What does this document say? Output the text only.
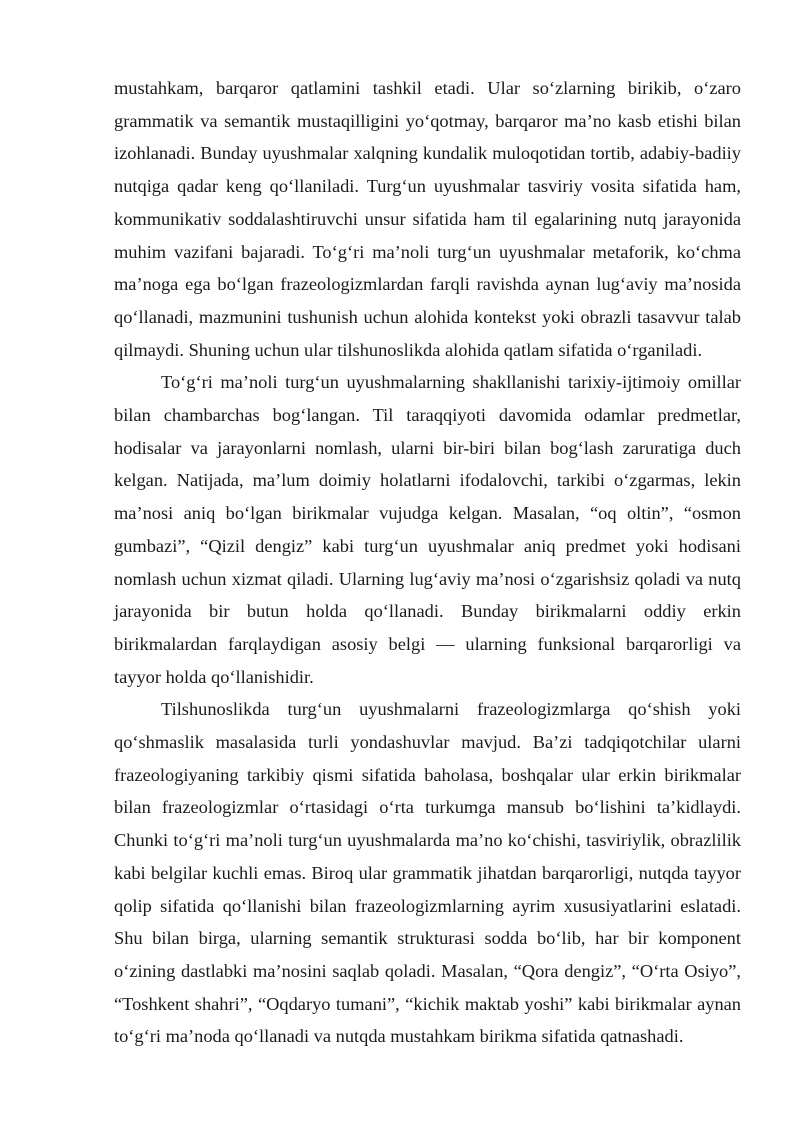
mustahkam, barqaror qatlamini tashkil etadi. Ular so‘zlarning birikib, o‘zaro grammatik va semantik mustaqilligini yo‘qotmay, barqaror ma’no kasb etishi bilan izohlanadi. Bunday uyushmalar xalqning kundalik muloqotidan tortib, adabiy-badiiy nutqiga qadar keng qo‘llaniladi. Turg‘un uyushmalar tasviriy vosita sifatida ham, kommunikativ soddalashtiruvchi unsur sifatida ham til egalarining nutq jarayonida muhim vazifani bajaradi. To‘g‘ri ma’noli turg‘un uyushmalar metaforik, ko‘chma ma’noga ega bo‘lgan frazeologizmlardan farqli ravishda aynan lug‘aviy ma’nosida qo‘llanadi, mazmunini tushunish uchun alohida kontekst yoki obrazli tasavvur talab qilmaydi. Shuning uchun ular tilshunoslikda alohida qatlam sifatida o‘rganiladi.

To‘g‘ri ma’noli turg‘un uyushmalarning shakllanishi tarixiy-ijtimoiy omillar bilan chambarchas bog‘langan. Til taraqqiyoti davomida odamlar predmetlar, hodisalar va jarayonlarni nomlash, ularni bir-biri bilan bog‘lash zaruratiga duch kelgan. Natijada, ma’lum doimiy holatlarni ifodalovchi, tarkibi o‘zgarmas, lekin ma’nosi aniq bo‘lgan birikmalar vujudga kelgan. Masalan, “oq oltin”, “osmon gumbazi”, “Qizil dengiz” kabi turg‘un uyushmalar aniq predmet yoki hodisani nomlash uchun xizmat qiladi. Ularning lug‘aviy ma’nosi o‘zgarishsiz qoladi va nutq jarayonida bir butun holda qo‘llanadi. Bunday birikmalarni oddiy erkin birikmalardan farqlaydigan asosiy belgi — ularning funksional barqarorligi va tayyor holda qo‘llanishidir.

Tilshunoslikda turg‘un uyushmalarni frazeologizmlarga qo‘shish yoki qo‘shmaslik masalasida turli yondashuvlar mavjud. Ba’zi tadqiqotchilar ularni frazeologiyaning tarkibiy qismi sifatida baholasa, boshqalar ular erkin birikmalar bilan frazeologizmlar o‘rtasidagi o‘rta turkumga mansub bo‘lishini ta’kidlaydi. Chunki to‘g‘ri ma’noli turg‘un uyushmalarda ma’no ko‘chishi, tasviriylik, obrazlilik kabi belgilar kuchli emas. Biroq ular grammatik jihatdan barqarorligi, nutqda tayyor qolip sifatida qo‘llanishi bilan frazeologizmlarning ayrim xususiyatlarini eslatadi. Shu bilan birga, ularning semantik strukturasi sodda bo‘lib, har bir komponent o‘zining dastlabki ma’nosini saqlab qoladi. Masalan, “Qora dengiz”, “O‘rta Osiyo”, “Toshkent shahri”, “Oqdaryo tumani”, “kichik maktab yoshi” kabi birikmalar aynan to‘g‘ri ma’noda qo‘llanadi va nutqda mustahkam birikma sifatida qatnashadi.
